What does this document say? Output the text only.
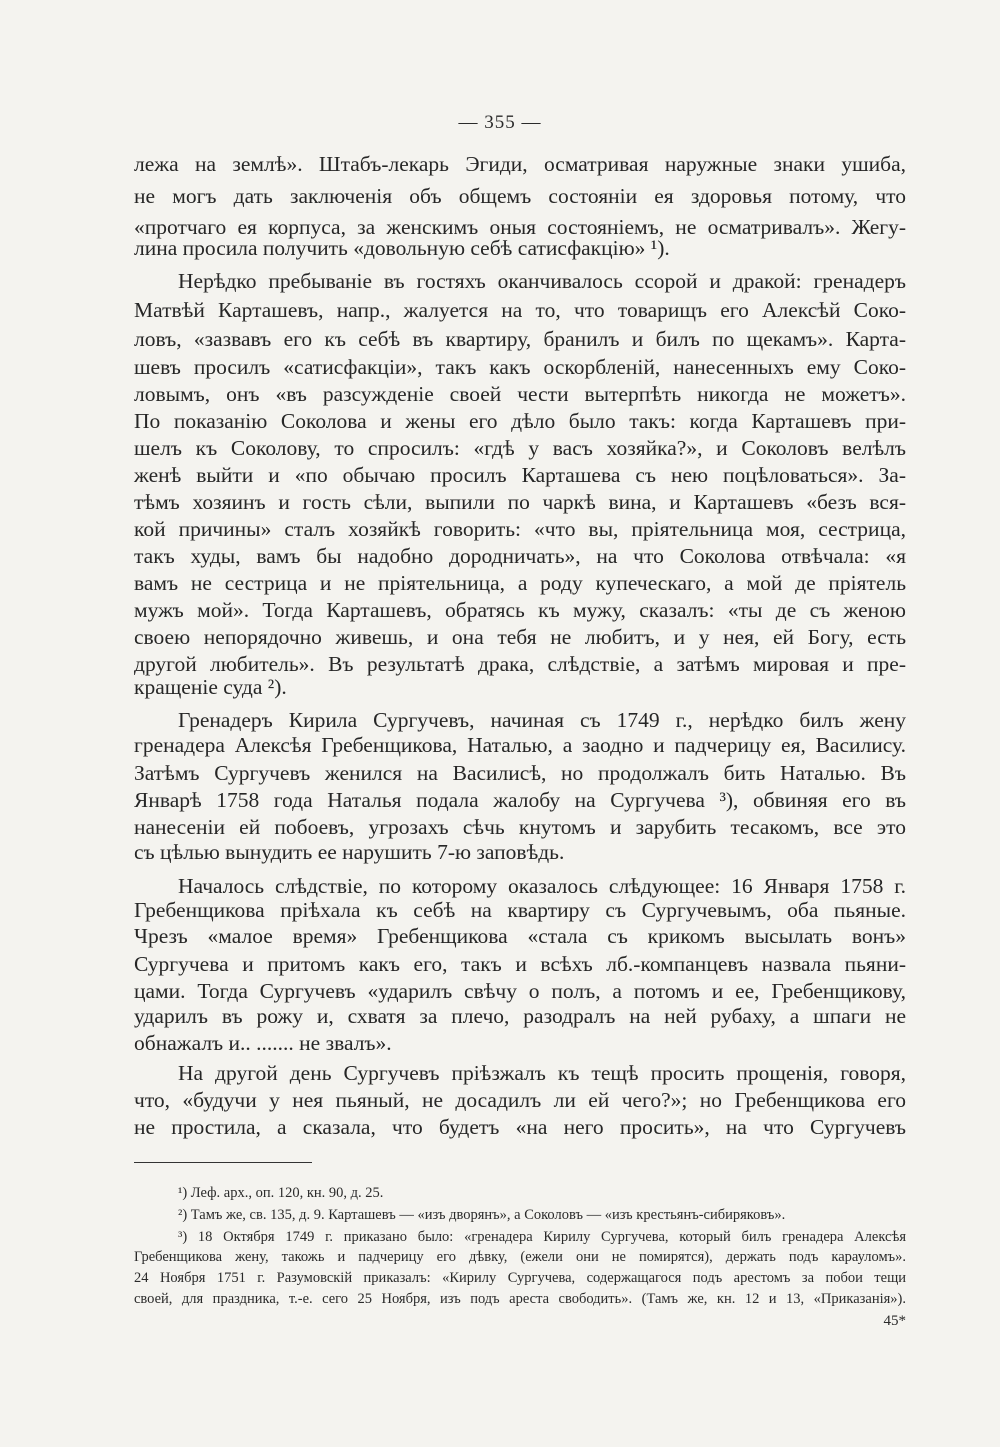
— 355 —
лежа на землѣ». Штабъ-лекарь Эгиди, осматривая наружные знаки ушиба,
не могъ дать заключенія объ общемъ состояніи ея здоровья потому, что
«протчаго ея корпуса, за женскимъ оныя состояніемъ, не осматривалъ». Жегу-
лина просила получить «довольную себѣ сатисфакцію» ¹).
Нерѣдко пребываніе въ гостяхъ оканчивалось ссорой и дракой: гренадеръ
Матвѣй Карташевъ, напр., жалуется на то, что товарищъ его Алексѣй Соко-
ловъ, «зазвавъ его къ себѣ въ квартиру, бранилъ и билъ по щекамъ». Карта-
шевъ просилъ «сатисфакціи», такъ какъ оскорбленій, нанесенныхъ ему Соко-
ловымъ, онъ «въ разсужденіе своей чести вытерпѣть никогда не можетъ».
По показанію Соколова и жены его дѣло было такъ: когда Карташевъ при-
шелъ къ Соколову, то спросилъ: «гдѣ у васъ хозяйка?», и Соколовъ велѣлъ
женѣ выйти и «по обычаю просилъ Карташева съ нею поцѣловаться». За-
тѣмъ хозяинъ и гость сѣли, выпили по чаркѣ вина, и Карташевъ «безъ вся-
кой причины» сталъ хозяйкѣ говорить: «что вы, пріятельница моя, сестрица,
такъ худы, вамъ бы надобно дородничать», на что Соколова отвѣчала: «я
вамъ не сестрица и не пріятельница, а роду купеческаго, а мой де пріятель
мужъ мой». Тогда Карташевъ, обратясь къ мужу, сказалъ: «ты де съ женою
своею непорядочно живешь, и она тебя не любитъ, и у нея, ей Богу, есть
другой любитель». Въ результатѣ драка, слѣдствіе, а затѣмъ мировая и пре-
кращеніе суда ²).
Гренадеръ Кирила Сургучевъ, начиная съ 1749 г., нерѣдко билъ жену
гренадера Алексѣя Гребенщикова, Наталью, а заодно и падчерицу ея, Василису.
Затѣмъ Сургучевъ женился на Василисѣ, но продолжалъ бить Наталью. Въ
Январѣ 1758 года Наталья подала жалобу на Сургучева ³), обвиняя его въ
нанесеніи ей побоевъ, угрозахъ сѣчь кнутомъ и зарубить тесакомъ, все это
съ цѣлью вынудить ее нарушить 7-ю заповѣдь.
Началось слѣдствіе, по которому оказалось слѣдующее: 16 Января 1758 г.
Гребенщикова пріѣхала къ себѣ на квартиру съ Сургучевымъ, оба пьяные.
Чрезъ «малое время» Гребенщикова «стала съ крикомъ высылать вонъ»
Сургучева и притомъ какъ его, такъ и всѣхъ лб.-компанцевъ назвала пьяни-
цами. Тогда Сургучевъ «ударилъ свѣчу о полъ, а потомъ и ее, Гребенщикову,
ударилъ въ рожу и, схватя за плечо, разодралъ на ней рубаху, а шпаги не
обнажалъ и.. ....... не звалъ».
На другой день Сургучевъ пріѣзжалъ къ тещѣ просить прощенія, говоря,
что, «будучи у нея пьяный, не досадилъ ли ей чего?»; но Гребенщикова его
не простила, а сказала, что будетъ «на него просить», на что Сургучевъ
¹) Леф. арх., оп. 120, кн. 90, д. 25.
²) Тамъ же, св. 135, д. 9. Карташевъ — «изъ дворянъ», а Соколовъ — «изъ крестьянъ-сибиряковъ».
³) 18 Октября 1749 г. приказано было: «гренадера Кирилу Сургучева, который билъ гренадера Алексѣя
Гребенщикова жену, такожь и падчерицу его дѣвку, (ежели они не помирятся), держать подъ карауломъ».
24 Ноября 1751 г. Разумовскій приказалъ: «Кирилу Сургучева, содержащагося подъ арестомъ за побои тещи
своей, для праздника, т.-е. сего 25 Ноября, изъ подъ ареста свободить». (Тамъ же, кн. 12 и 13, «Приказанія»).
45*
